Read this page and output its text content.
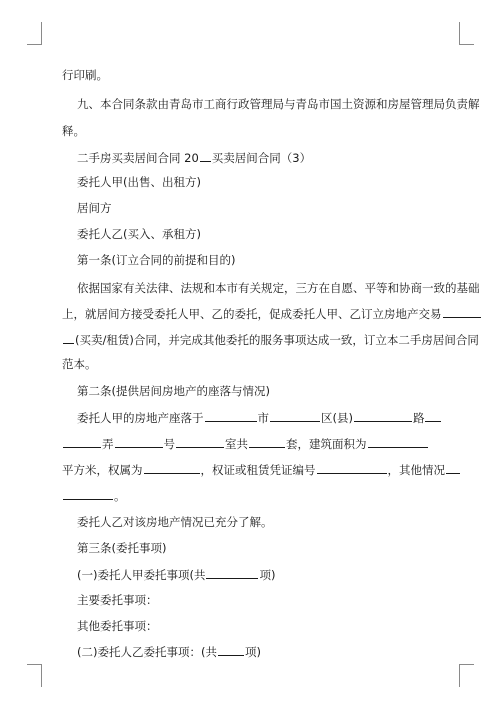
行印刷。
九、本合同条款由青岛市工商行政管理局与青岛市国土资源和房屋管理局负责解
释。
二手房买卖居间合同 20 买卖居间合同（3）
委托人甲(出售、出租方)
居间方
委托人乙(买入、承租方)
第一条(订立合同的前提和目的)
依据国家有关法律、法规和本市有关规定，三方在自愿、平等和协商一致的基础
上，就居间方接受委托人甲、乙的委托，促成委托人甲、乙订立房地产交易
(买卖/租赁)合同，并完成其他委托的服务事项达成一致，订立本二手房居间合同
范本。
第二条(提供居间房地产的座落与情况)
委托人甲的房地产座落于	市	区(县)	路
弄	号	室共	套，建筑面积为
平方米，权属为	，权证或租赁凭证编号	，其他情况
。
委托人乙对该房地产情况已充分了解。
第三条(委托事项)
(一)委托人甲委托事项(共	项)
主要委托事项：
其他委托事项：
(二)委托人乙委托事项：(共 项)
